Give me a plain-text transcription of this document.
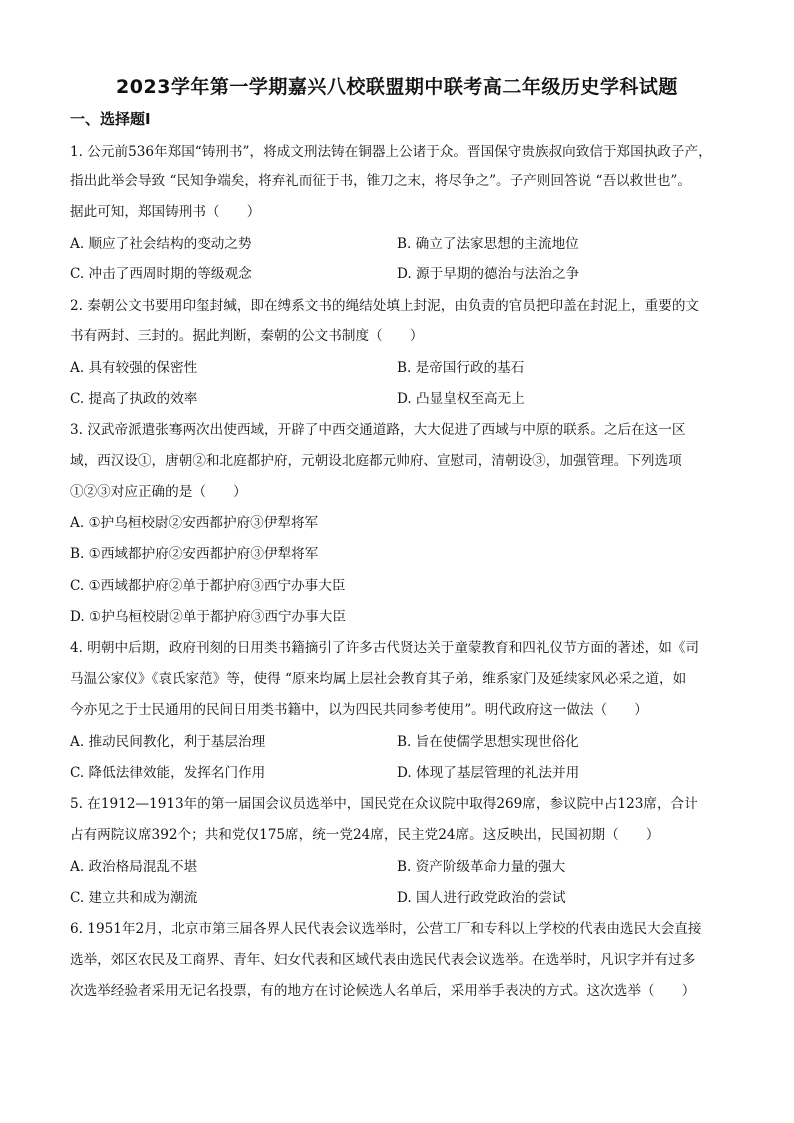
2023学年第一学期嘉兴八校联盟期中联考高二年级历史学科试题
一、选择题Ⅰ
1. 公元前536年郑国“铸刑书”，将成文刑法铸在铜器上公诸于众。晋国保守贵族叔向致信于郑国执政子产，
指出此举会导致 “民知争端矣，将弃礼而征于书，锥刀之末，将尽争之”。子产则回答说 “吾以救世也”。
据此可知，郑国铸刑书（　　）
A. 顺应了社会结构的变动之势	B. 确立了法家思想的主流地位
C. 冲击了西周时期的等级观念	D. 源于早期的德治与法治之争
2. 秦朝公文书要用印玺封缄，即在缚系文书的绳结处填上封泥，由负责的官员把印盖在封泥上，重要的文
书有两封、三封的。据此判断，秦朝的公文书制度（　　）
A. 具有较强的保密性	B. 是帝国行政的基石
C. 提高了执政的效率	D. 凸显皇权至高无上
3. 汉武帝派遣张骞两次出使西域，开辟了中西交通道路，大大促进了西域与中原的联系。之后在这一区
域，西汉设①，唐朝②和北庭都护府，元朝设北庭都元帅府、宣慰司，清朝设③，加强管理。下列选项
①②③对应正确的是（　　）
A. ①护乌桓校尉②安西都护府③伊犁将军
B. ①西域都护府②安西都护府③伊犁将军
C. ①西域都护府②单于都护府③西宁办事大臣
D. ①护乌桓校尉②单于都护府③西宁办事大臣
4. 明朝中后期，政府刊刻的日用类书籍摘引了许多古代贤达关于童蒙教育和四礼仪节方面的著述，如《司
马温公家仪》《袁氏家范》等，使得 “原来均属上层社会教育其子弟，维系家门及延续家风必采之道，如
今亦见之于士民通用的民间日用类书籍中，以为四民共同参考使用”。明代政府这一做法（　　）
A. 推动民间教化，利于基层治理	B. 旨在使儒学思想实现世俗化
C. 降低法律效能，发挥名门作用	D. 体现了基层管理的礼法并用
5. 在1912—1913年的第一届国会议员选举中，国民党在众议院中取得269席，参议院中占123席，合计
占有两院议席392个；共和党仅175席，统一党24席，民主党24席。这反映出，民国初期（　　）
A. 政治格局混乱不堪	B. 资产阶级革命力量的强大
C. 建立共和成为潮流	D. 国人进行政党政治的尝试
6. 1951年2月，北京市第三届各界人民代表会议选举时，公营工厂和专科以上学校的代表由选民大会直接
选举，郊区农民及工商界、青年、妇女代表和区域代表由选民代表会议选举。在选举时，凡识字并有过多
次选举经验者采用无记名投票，有的地方在讨论候选人名单后，采用举手表决的方式。这次选举（　　）
